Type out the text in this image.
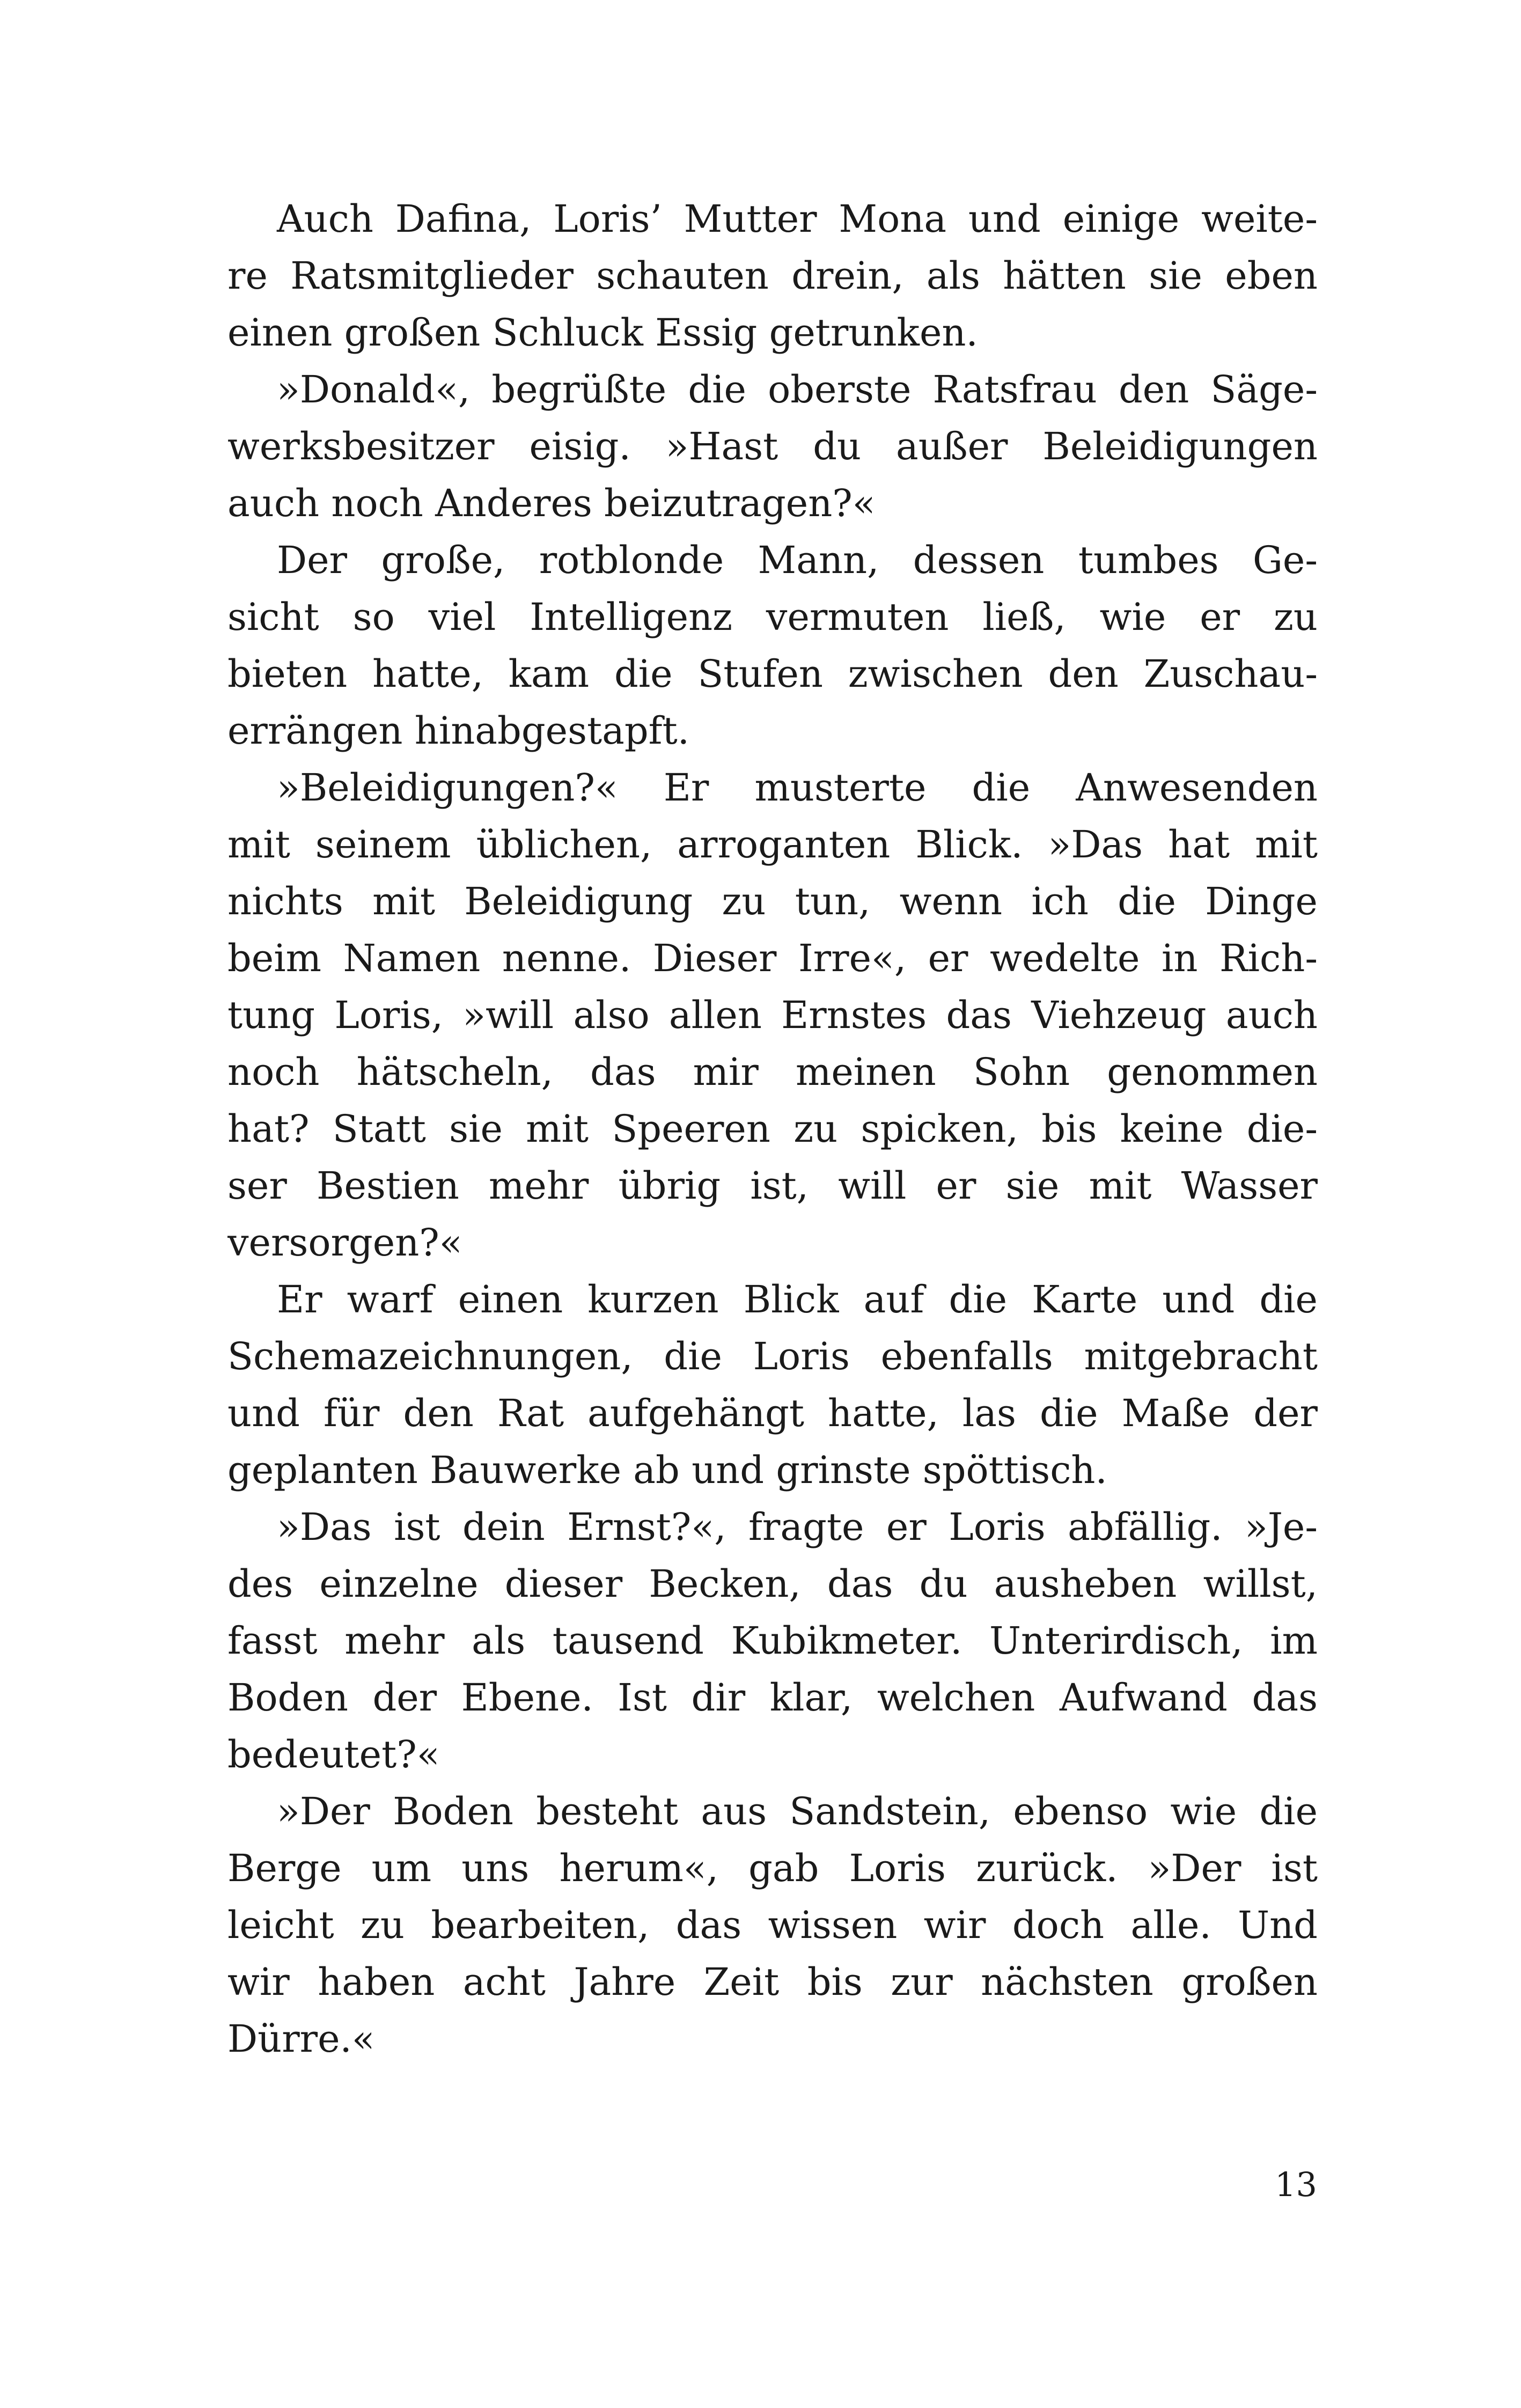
Auch Dafina, Loris’ Mutter Mona und einige weite-
re Ratsmitglieder schauten drein, als hätten sie eben
einen großen Schluck Essig getrunken.
»Donald«, begrüßte die oberste Ratsfrau den Säge-
werksbesitzer eisig. »Hast du außer Beleidigungen
auch noch Anderes beizutragen?«
Der große, rotblonde Mann, dessen tumbes Ge-
sicht so viel Intelligenz vermuten ließ, wie er zu
bieten hatte, kam die Stufen zwischen den Zuschau-
errängen hinabgestapft.
»Beleidigungen?« Er musterte die Anwesenden
mit seinem üblichen, arroganten Blick. »Das hat mit
nichts mit Beleidigung zu tun, wenn ich die Dinge
beim Namen nenne. Dieser Irre«, er wedelte in Rich-
tung Loris, »will also allen Ernstes das Viehzeug auch
noch hätscheln, das mir meinen Sohn genommen
hat? Statt sie mit Speeren zu spicken, bis keine die-
ser Bestien mehr übrig ist, will er sie mit Wasser
versorgen?«
Er warf einen kurzen Blick auf die Karte und die
Schemazeichnungen, die Loris ebenfalls mitgebracht
und für den Rat aufgehängt hatte, las die Maße der
geplanten Bauwerke ab und grinste spöttisch.
»Das ist dein Ernst?«, fragte er Loris abfällig. »Je-
des einzelne dieser Becken, das du ausheben willst,
fasst mehr als tausend Kubikmeter. Unterirdisch, im
Boden der Ebene. Ist dir klar, welchen Aufwand das
bedeutet?«
»Der Boden besteht aus Sandstein, ebenso wie die
Berge um uns herum«, gab Loris zurück. »Der ist
leicht zu bearbeiten, das wissen wir doch alle. Und
wir haben acht Jahre Zeit bis zur nächsten großen
Dürre.«
13
